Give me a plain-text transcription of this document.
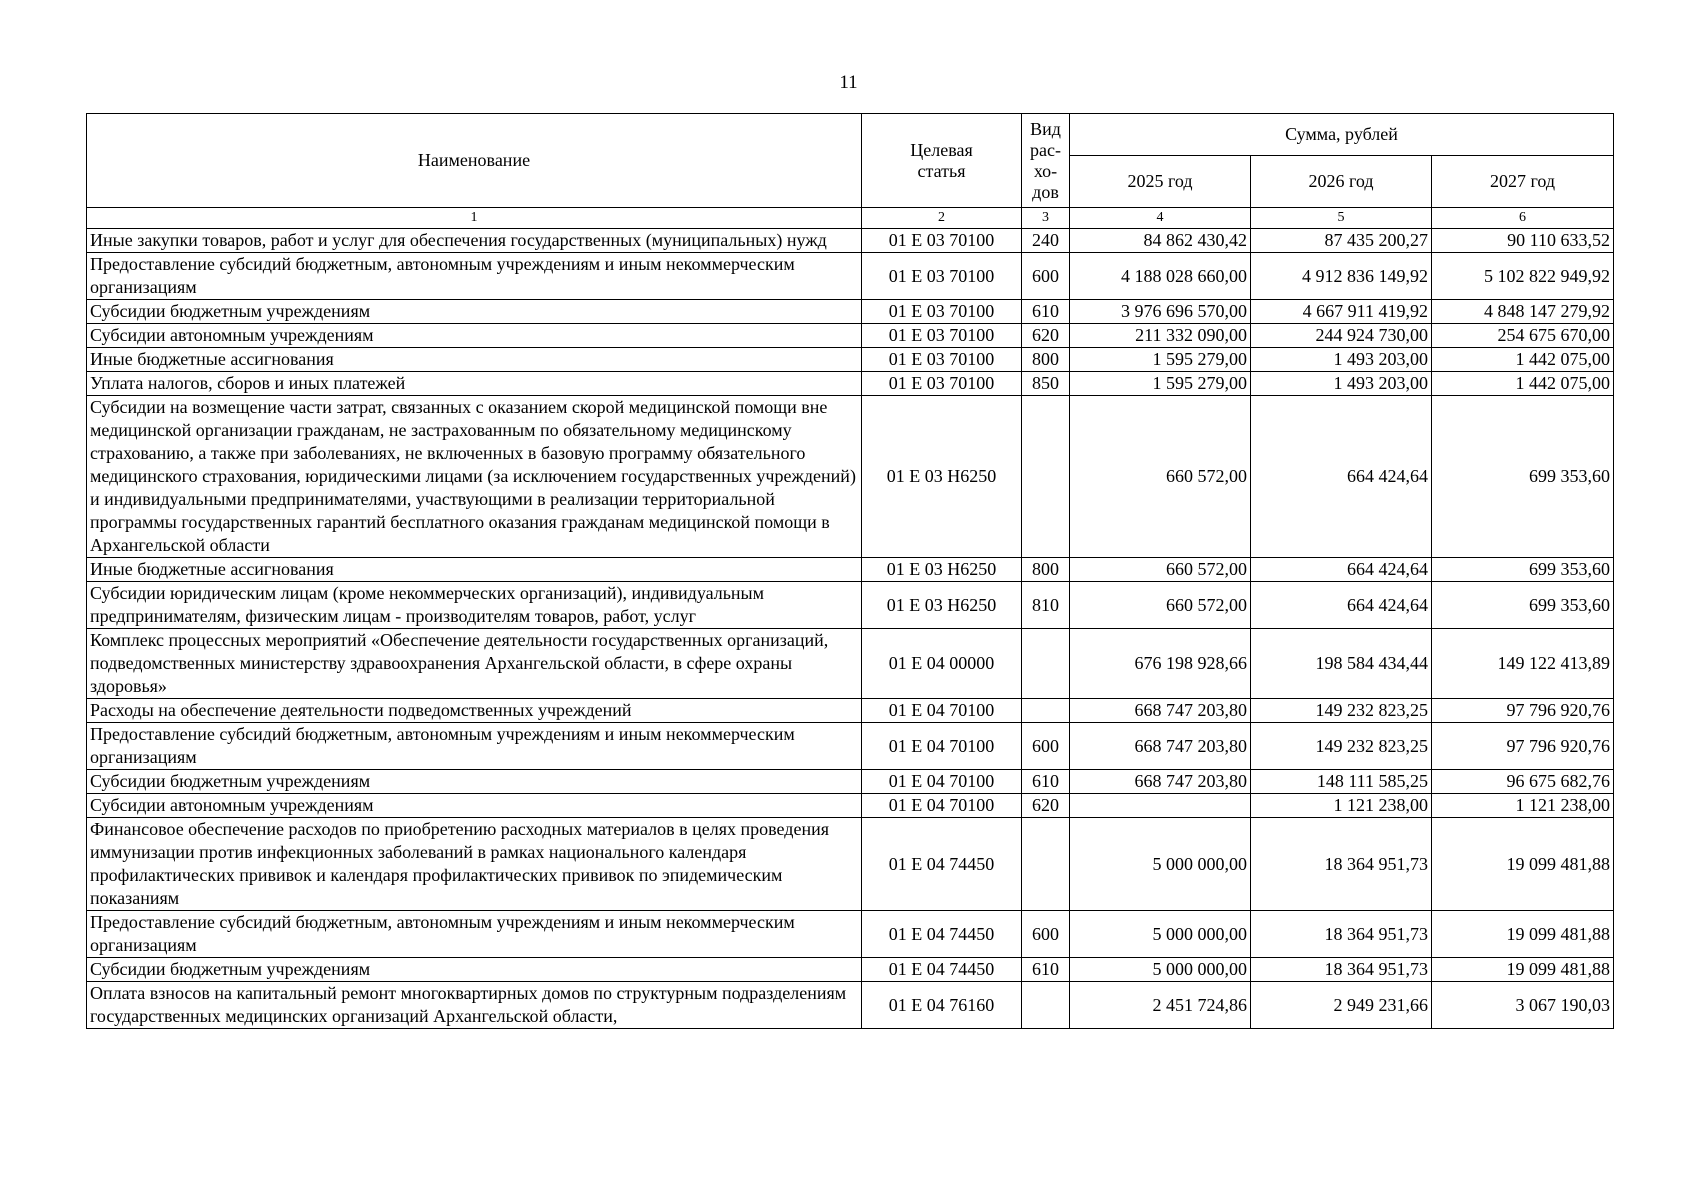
11
Наименование	Целевая статья	Вид рас-хо-дов	Сумма, рублей		
			2025 год	2026 год	2027 год
1	2	3	4	5	6
Иные закупки товаров, работ и услуг для обеспечения государственных (муниципальных) нужд	01 Е 03 70100	240	84 862 430,42	87 435 200,27	90 110 633,52
Предоставление субсидий бюджетным, автономным учреждениям и иным некоммерческим организациям	01 Е 03 70100	600	4 188 028 660,00	4 912 836 149,92	5 102 822 949,92
Субсидии бюджетным учреждениям	01 Е 03 70100	610	3 976 696 570,00	4 667 911 419,92	4 848 147 279,92
Субсидии автономным учреждениям	01 Е 03 70100	620	211 332 090,00	244 924 730,00	254 675 670,00
Иные бюджетные ассигнования	01 Е 03 70100	800	1 595 279,00	1 493 203,00	1 442 075,00
Уплата налогов, сборов и иных платежей	01 Е 03 70100	850	1 595 279,00	1 493 203,00	1 442 075,00
Субсидии на возмещение части затрат, связанных с оказанием скорой медицинской помощи вне медицинской организации гражданам, не застрахованным по обязательному медицинскому страхованию, а также при заболеваниях, не включенных в базовую программу обязательного медицинского страхования, юридическими лицами (за исключением государственных учреждений) и индивидуальными предпринимателями, участвующими в реализации территориальной программы государственных гарантий бесплатного оказания гражданам медицинской помощи в Архангельской области	01 Е 03 Н6250		660 572,00	664 424,64	699 353,60
Иные бюджетные ассигнования	01 Е 03 Н6250	800	660 572,00	664 424,64	699 353,60
Субсидии юридическим лицам (кроме некоммерческих организаций), индивидуальным предпринимателям, физическим лицам - производителям товаров, работ, услуг	01 Е 03 Н6250	810	660 572,00	664 424,64	699 353,60
Комплекс процессных мероприятий «Обеспечение деятельности государственных организаций, подведомственных министерству здравоохранения Архангельской области, в сфере охраны здоровья»	01 Е 04 00000		676 198 928,66	198 584 434,44	149 122 413,89
Расходы на обеспечение деятельности подведомственных учреждений	01 Е 04 70100		668 747 203,80	149 232 823,25	97 796 920,76
Предоставление субсидий бюджетным, автономным учреждениям и иным некоммерческим организациям	01 Е 04 70100	600	668 747 203,80	149 232 823,25	97 796 920,76
Субсидии бюджетным учреждениям	01 Е 04 70100	610	668 747 203,80	148 111 585,25	96 675 682,76
Субсидии автономным учреждениям	01 Е 04 70100	620		1 121 238,00	1 121 238,00
Финансовое обеспечение расходов по приобретению расходных материалов в целях проведения иммунизации против инфекционных заболеваний в рамках национального календаря профилактических прививок и календаря профилактических прививок по эпидемическим показаниям	01 Е 04 74450		5 000 000,00	18 364 951,73	19 099 481,88
Предоставление субсидий бюджетным, автономным учреждениям и иным некоммерческим организациям	01 Е 04 74450	600	5 000 000,00	18 364 951,73	19 099 481,88
Субсидии бюджетным учреждениям	01 Е 04 74450	610	5 000 000,00	18 364 951,73	19 099 481,88
Оплата взносов на капитальный ремонт многоквартирных домов по структурным подразделениям государственных медицинских организаций Архангельской области,	01 Е 04 76160		2 451 724,86	2 949 231,66	3 067 190,03
